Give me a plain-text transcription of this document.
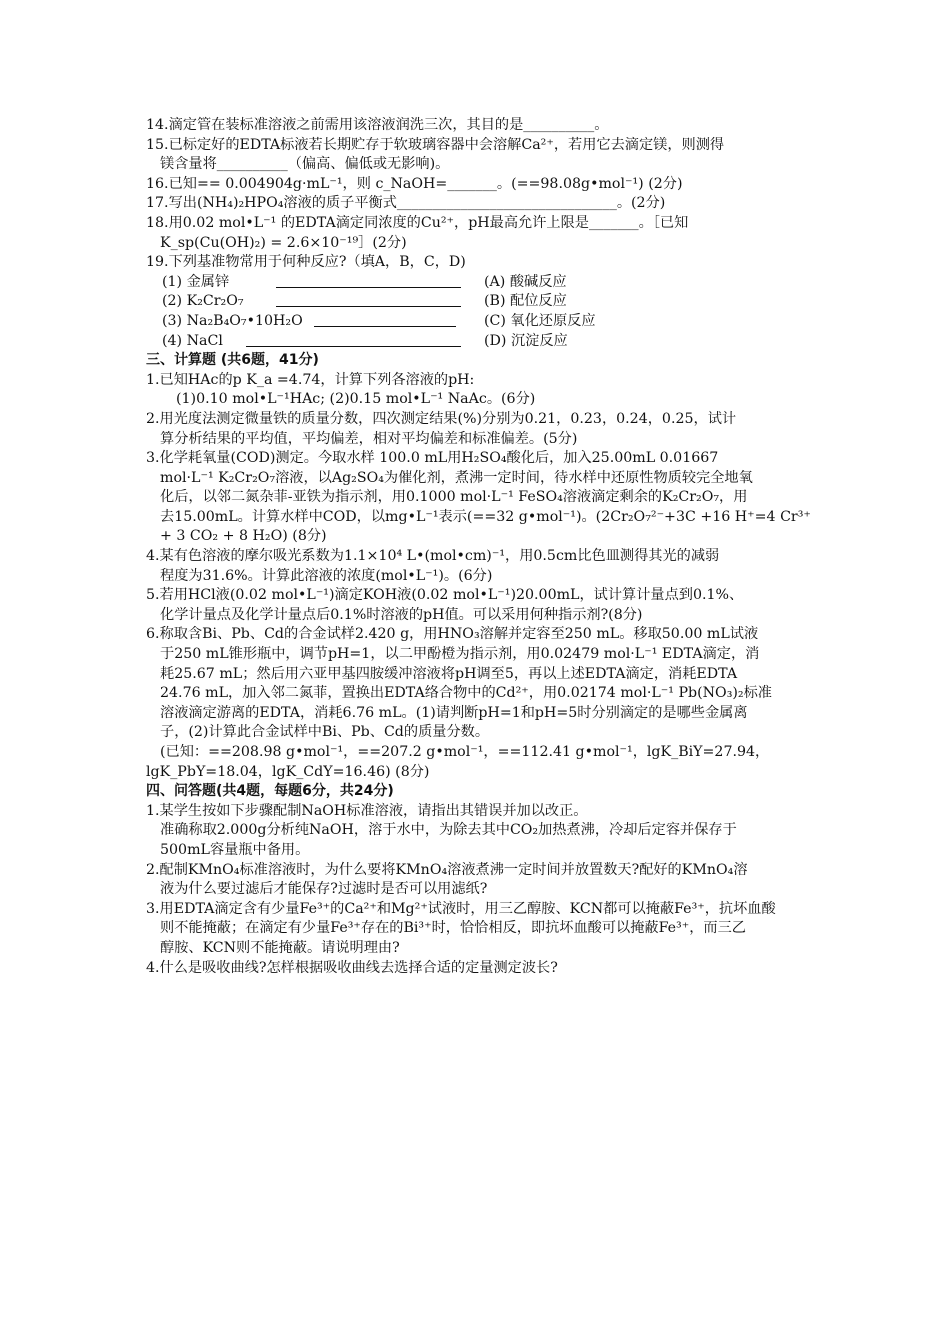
14.滴定管在装标准溶液之前需用该溶液润洗三次，其目的是__________。
15.已标定好的EDTA标液若长期贮存于软玻璃容器中会溶解Ca²⁺，若用它去滴定镁，则测得
镁含量将__________（偏高、偏低或无影响)。
16.已知== 0.004904g·mL⁻¹，则 c_NaOH=_______。(==98.08g•mol⁻¹) (2分)
17.写出(NH₄)₂HPO₄溶液的质子平衡式_______________________________。(2分)
18.用0.02 mol•L⁻¹ 的EDTA滴定同浓度的Cu²⁺，pH最高允许上限是_______。［已知
K_sp(Cu(OH)₂) = 2.6×10⁻¹⁹］(2分)
19.下列基准物常用于何种反应?（填A，B，C，D)
(1) 金属锌	(A) 酸碱反应
(2) K₂Cr₂O₇	(B) 配位反应
(3) Na₂B₄O₇•10H₂O	(C) 氧化还原反应
(4) NaCl	(D) 沉淀反应
三、计算题 (共6题，41分)
1.已知HAc的p K_a =4.74，计算下列各溶液的pH:
(1)0.10 mol•L⁻¹HAc; (2)0.15 mol•L⁻¹ NaAc。(6分)
2.用光度法测定微量铁的质量分数，四次测定结果(%)分别为0.21，0.23，0.24，0.25，试计
算分析结果的平均值，平均偏差，相对平均偏差和标准偏差。(5分)
3.化学耗氧量(COD)测定。今取水样 100.0 mL用H₂SO₄酸化后，加入25.00mL 0.01667
mol·L⁻¹ K₂Cr₂O₇溶液，以Ag₂SO₄为催化剂，煮沸一定时间，待水样中还原性物质较完全地氧
化后，以邻二氮杂菲-亚铁为指示剂，用0.1000 mol·L⁻¹ FeSO₄溶液滴定剩余的K₂Cr₂O₇，用
去15.00mL。计算水样中COD，以mg•L⁻¹表示(==32 g•mol⁻¹)。(2Cr₂O₇²⁻+3C +16 H⁺=4 Cr³⁺
+ 3 CO₂ + 8 H₂O) (8分)
4.某有色溶液的摩尔吸光系数为1.1×10⁴ L•(mol•cm)⁻¹，用0.5cm比色皿测得其光的减弱
程度为31.6%。计算此溶液的浓度(mol•L⁻¹)。(6分)
5.若用HCl液(0.02 mol•L⁻¹)滴定KOH液(0.02 mol•L⁻¹)20.00mL，试计算计量点到0.1%、
化学计量点及化学计量点后0.1%时溶液的pH值。可以采用何种指示剂?(8分)
6.称取含Bi、Pb、Cd的合金试样2.420 g，用HNO₃溶解并定容至250 mL。移取50.00 mL试液
于250 mL锥形瓶中，调节pH=1，以二甲酚橙为指示剂，用0.02479 mol·L⁻¹ EDTA滴定，消
耗25.67 mL；然后用六亚甲基四胺缓冲溶液将pH调至5，再以上述EDTA滴定，消耗EDTA
24.76 mL，加入邻二氮菲，置换出EDTA络合物中的Cd²⁺，用0.02174 mol·L⁻¹ Pb(NO₃)₂标准
溶液滴定游离的EDTA，消耗6.76 mL。(1)请判断pH=1和pH=5时分别滴定的是哪些金属离
子，(2)计算此合金试样中Bi、Pb、Cd的质量分数。
(已知：==208.98 g•mol⁻¹，==207.2 g•mol⁻¹，==112.41 g•mol⁻¹，lgK_BiY=27.94，
lgK_PbY=18.04，lgK_CdY=16.46) (8分)
四、问答题(共4题，每题6分，共24分)
1.某学生按如下步骤配制NaOH标准溶液，请指出其错误并加以改正。
准确称取2.000g分析纯NaOH，溶于水中，为除去其中CO₂加热煮沸，冷却后定容并保存于
500mL容量瓶中备用。
2.配制KMnO₄标准溶液时，为什么要将KMnO₄溶液煮沸一定时间并放置数天?配好的KMnO₄溶
液为什么要过滤后才能保存?过滤时是否可以用滤纸?
3.用EDTA滴定含有少量Fe³⁺的Ca²⁺和Mg²⁺试液时，用三乙醇胺、KCN都可以掩蔽Fe³⁺，抗坏血酸
则不能掩蔽；在滴定有少量Fe³⁺存在的Bi³⁺时，恰恰相反，即抗坏血酸可以掩蔽Fe³⁺，而三乙
醇胺、KCN则不能掩蔽。请说明理由?
4.什么是吸收曲线?怎样根据吸收曲线去选择合适的定量测定波长?
